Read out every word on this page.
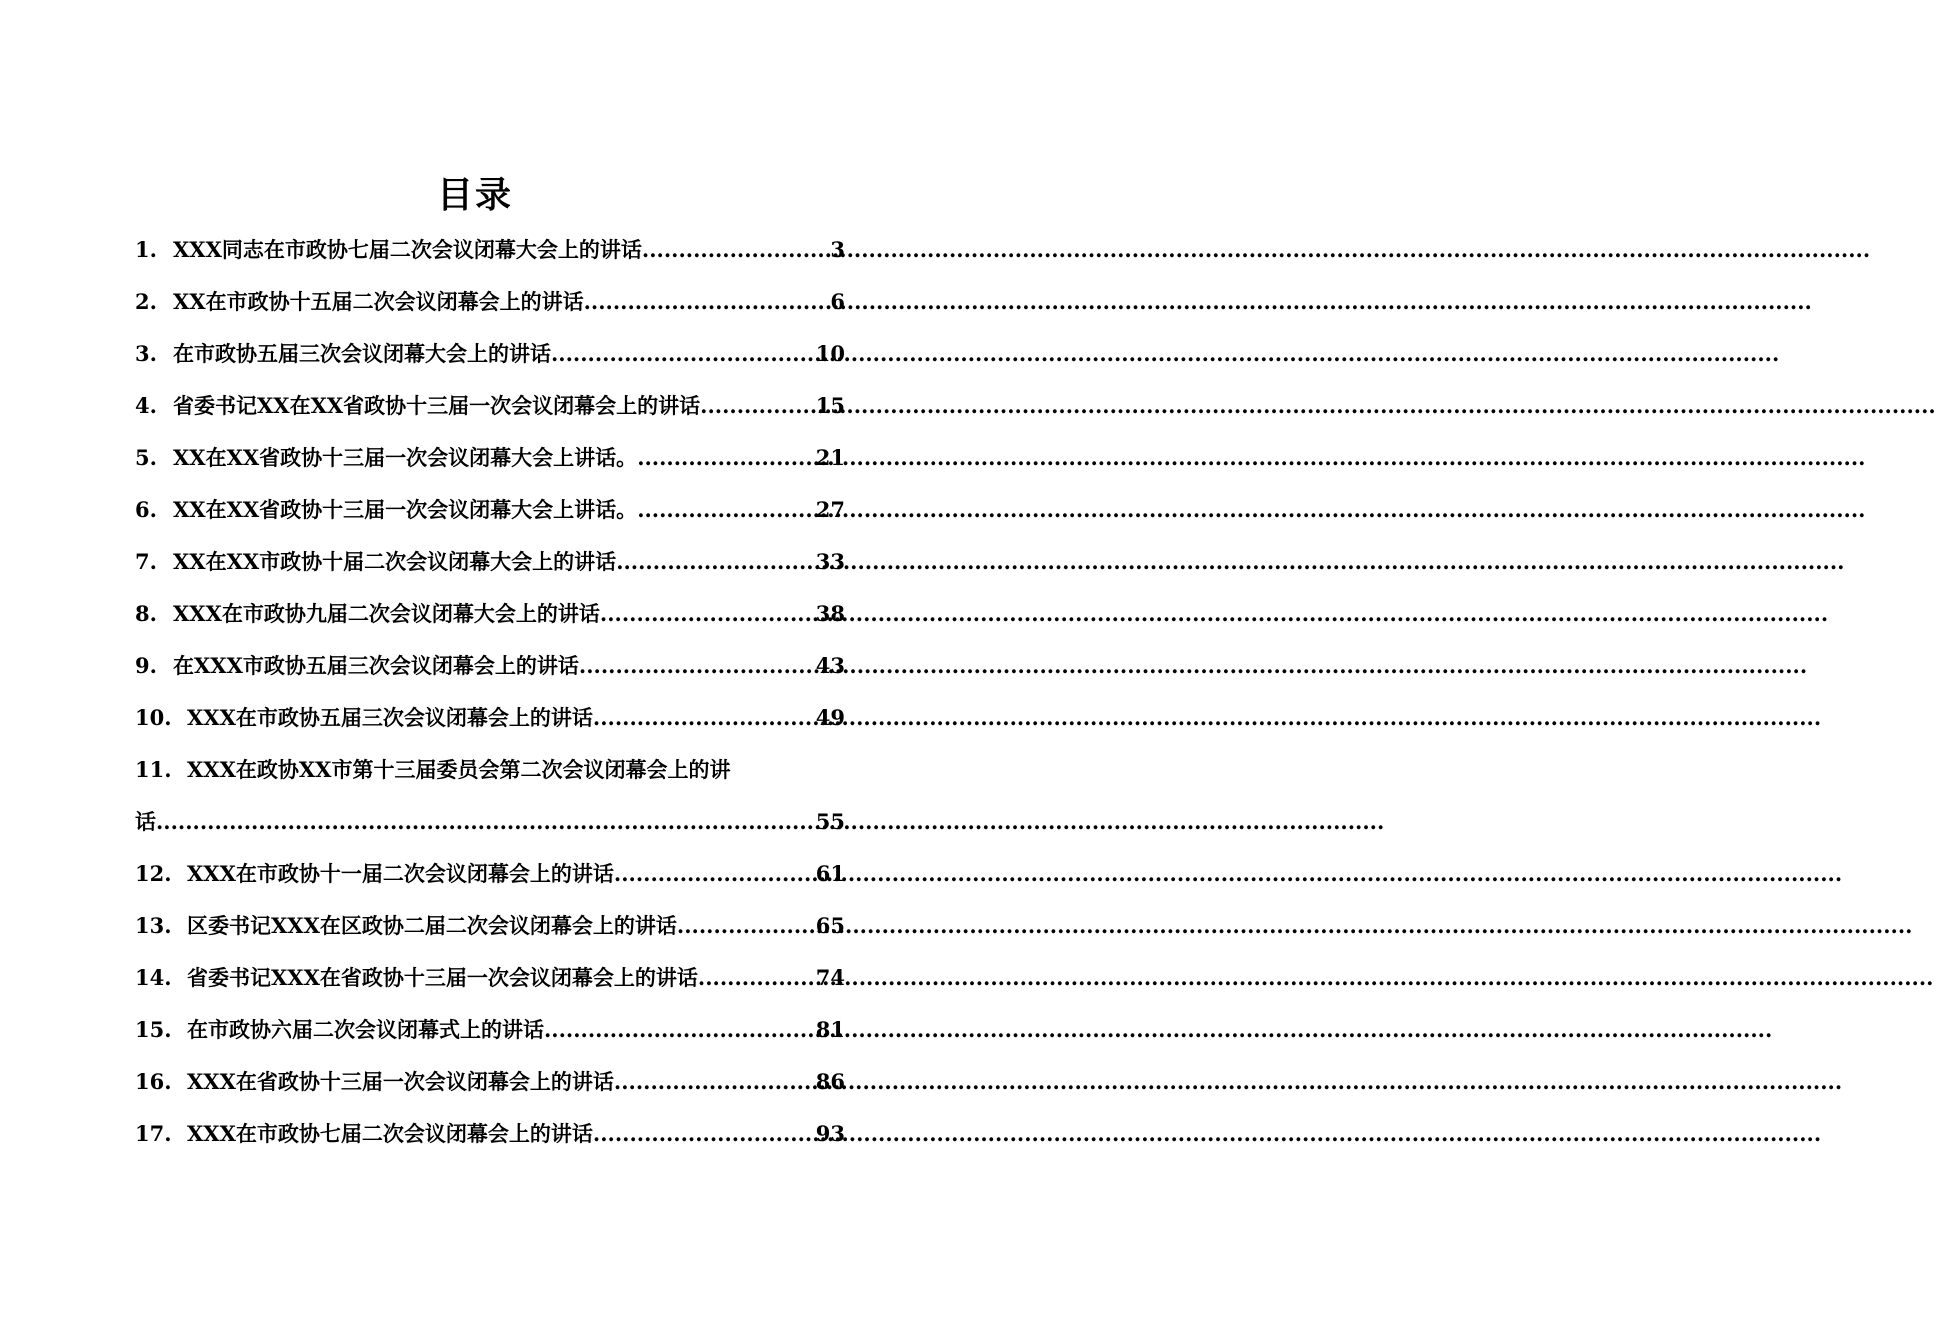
目录
1. XXX同志在市政协七届二次会议闭幕大会上的讲话 .....	3
2. XX在市政协十五届二次会议闭幕会上的讲话 .....	6
3. 在市政协五届三次会议闭幕大会上的讲话 .....	10
4. 省委书记XX在XX省政协十三届一次会议闭幕会上的讲话. .....	15
5. XX在XX省政协十三届一次会议闭幕大会上讲话。 .....	21
6. XX在XX省政协十三届一次会议闭幕大会上讲话。 .....	27
7. XX在XX市政协十届二次会议闭幕大会上的讲话 .....	33
8. XXX在市政协九届二次会议闭幕大会上的讲话 .....	38
9. 在XXX市政协五届三次会议闭幕会上的讲话 .....	43
10. XXX在市政协五届三次会议闭幕会上的讲话 .....	49
11. XXX在政协XX市第十三届委员会第二次会议闭幕会上的讲
话 .....	55
12. XXX在市政协十一届二次会议闭幕会上的讲话 .....	61
13. 区委书记XXX在区政协二届二次会议闭幕会上的讲话. .....	65
14. 省委书记XXX在省政协十三届一次会议闭幕会上的讲话. .....	74
15. 在市政协六届二次会议闭幕式上的讲话 .....	81
16. XXX在省政协十三届一次会议闭幕会上的讲话 .....	86
17. XXX在市政协七届二次会议闭幕会上的讲话 .....	93
